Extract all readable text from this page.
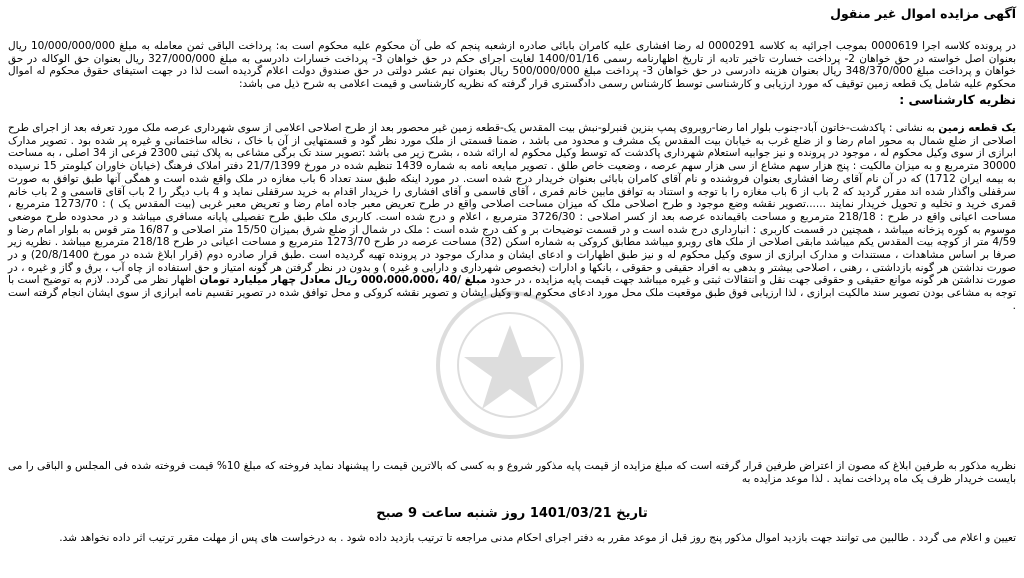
آگهی مزایده اموال غیر منقول
در پرونده کلاسه اجرا 0000619 بموجب اجرائیه به کلاسه 0000291 له رضا افشاری علیه کامران بابائی صادره ازشعبه پنجم که طی آن محکوم علیه محکوم است به: پرداخت الباقی ثمن معامله به مبلغ 10/000/000/000 ریال بعنوان اصل خواسته در حق خواهان 2- پرداخت خسارت تاخیر تادیه از تاریخ اظهارنامه رسمی 1400/01/16 لغایت اجرای حکم در حق خواهان 3- پرداخت خسارات دادرسی به مبلغ 327/000/000 ریال بعنوان حق الوکاله در حق خواهان و پرداخت مبلغ 348/370/000 ریال بعنوان هزینه دادرسی در حق خواهان 3- پرداخت مبلغ 500/000/000 ریال بعنوان نیم عشر دولتی در حق صندوق دولت اعلام گردیده است لذا در جهت استیفای حقوق محکوم له اموال محکوم علیه شامل یک قطعه زمین توقیف که مورد ارزیابی و کارشناسی توسط کارشناس رسمی دادگستری قرار گرفته که نظریه کارشناسی و قیمت اعلامی به شرح ذیل می باشد:
نظریه کارشناسی :
یک قطعه زمین به نشانی : پاکدشت-خاتون آباد-جنوب بلوار اما رضا-روبروی پمپ بنزین قنبرلو-نبش بیت المقدس یک-قطعه زمین غیر محصور بعد از طرح اصلاحی اعلامی از سوی شهرداری عرصه ملک مورد تعرفه بعد از اجرای طرح اصلاحی از ضلع شمال به محور امام رضا و از ضلع غرب به خیابان بیت المقدس یک مشرف و محدود می باشد ، ضمنا قسمتی از ملک مورد نظر گود و قسمتهایی از آن با خاک ، نخاله ساختمانی و غیره پر شده بود . تصویر مدارک ابرازی از سوی وکیل محکوم له ، موجود در پرونده و نیز جوابیه استعلام شهرداری پاکدشت که توسط وکیل محکوم له ارائه شده ، بشرح زیر می باشد :تصویر سند تک برگی مشاعی به پلاک ثبتی 2300 فرعی از 34 اصلی ، به مساحت 30000 مترمربع و به میزان مالکیت : پنج هزار سهم مشاع از سی هزار سهم عرصه ، وضعیت خاص طلق . تصویر مبایعه نامه به شماره 1439 تنظیم شده در مورخ 21/7/1399 دفتر املاک فرهنگ (خیابان خاوران کیلومتر 15 نرسیده به بیمه ایران 1712) که در آن نام آقای رضا افشاری بعنوان فروشنده و نام آقای کامران بابائی بعنوان خریدار درج شده است. در مورد اینکه طبق سند تعداد 6 باب مغازه در ملک واقع شده است و همگی آنها طبق توافق به صورت سرقفلی واگذار شده اند مقرر گردید که 2 باب از 6 باب مغازه را با توجه و استناد به توافق مابین خانم قمری ، آقای قاسمی و آقای افشاری را خریدار اقدام به خرید سرقفلی نماید و 4 باب دیگر را 2 باب آقای قاسمی و 2 باب خانم قمری خرید و تخلیه و تحویل خریدار نمایند ......تصویر نقشه وضع موجود و طرح اصلاحی ملک که میزان مساحت اصلاحی واقع در طرح تعریض معبر جاده امام رضا و تعریض معبر غربی (بیت المقدس یک ) : 1273/70 مترمربع ، مساحت اعیانی واقع در طرح : 218/18 مترمربع و مساحت باقیمانده عرصه بعد از کسر اصلاحی : 3726/30 مترمربع ، اعلام و درج شده است. کاربری ملک طبق طرح تفصیلی پایانه مسافری میباشد و در محدوده طرح موضعی موسوم به کوره پزخانه میباشد ، همچنین در قسمت کاربری : انبارداری درج شده است و در قسمت توضیحات بر و کف درج شده است : ملک در شمال از ضلع شرق بمیزان 15/50 متر اصلاحی و 16/87 متر قوس به بلوار امام رضا و 4/59 متر از کوچه بیت المقدس یکم میباشد مابقی اصلاحی از ملک های روبرو میباشد مطابق کروکی به شماره اسکن (32) مساحت عرصه در طرح 1273/70 مترمربع و مساحت اعیانی در طرح 218/18 مترمربع میباشد . نظریه زیر صرفا بر اساس مشاهدات ، مستندات و مدارک ابرازی از سوی وکیل محکوم له و نیز طبق اظهارات و ادعای ایشان و مدارک موجود در پرونده تهیه گردیده است .طبق قرار صادره دوم (قرار ابلاغ شده در مورخ 20/8/1400) و در صورت نداشتن هر گونه بازداشتی ، رهنی ، اصلاحی بیشتر و بدهی به افراد حقیقی و حقوقی ، بانکها و ادارات (بخصوص شهرداری و دارایی و غیره ) و بدون در نظر گرفتن هر گونه امتیاز و حق استفاده از چاه آب ، برق و گاز و غیره ، در صورت نداشتن هر گونه موانع حقیقی و حقوقی جهت نقل و انتقالات ثبتی و غیره میباشد جهت قیمت پایه مزایده ، در حدود مبلغ /40 ،000،000،000 ریال معادل چهار میلیارد تومان اظهار نظر می گردد. لازم به توضیح است با توجه به مشاعی بودن تصویر سند مالکیت ابرازی ، لذا ارزیابی فوق طبق موقعیت ملک محل مورد ادعای محکوم له و وکیل ایشان و تصویر نقشه کروکی و محل توافق شده در تصویر تقسیم نامه ابرازی از سوی ایشان انجام گرفته است .
نظریه مذکور به طرفین ابلاغ که مصون از اعتراض طرفین قرار گرفته است که مبلغ مزایده از قیمت پایه مذکور شروع و به کسی که بالاترین قیمت را پیشنهاد نماید فروخته که مبلغ 10% قیمت فروخته شده فی المجلس و الباقی را می بایست خریدار ظرف یک ماه پرداخت نماید . لذا موعد مزایده به
تاریخ 1401/03/21 روز شنبه ساعت 9 صبح
تعیین و اعلام می گردد . طالبین می توانند جهت بازدید اموال مذکور پنج روز قبل از موعد مقرر به دفتر اجرای احکام مدنی مراجعه تا ترتیب بازدید داده شود . به درخواست های پس از مهلت مقرر ترتیب اثر داده نخواهد شد.
